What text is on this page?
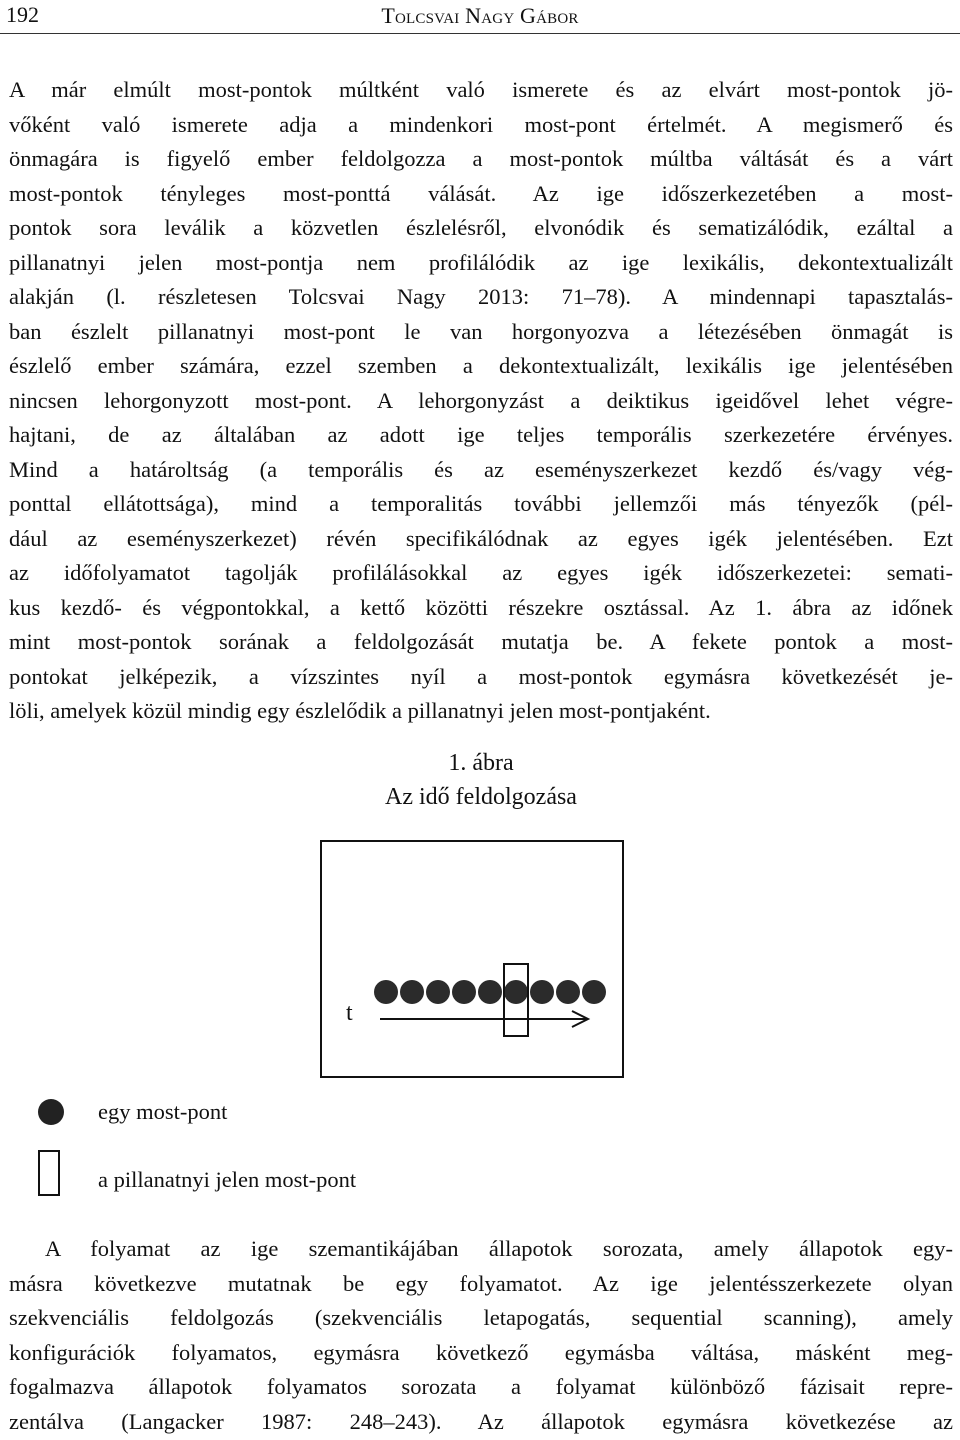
192	Tolcsvai Nagy Gábor
A már elmúlt most-pontok múltként való ismerete és az elvárt most-pontok jö-
vőként való ismerete adja a mindenkori most-pont értelmét. A megismerő és
önmagára is figyelő ember feldolgozza a most-pontok múltba váltását és a várt
most-pontok tényleges most-ponttá válását. Az ige időszerkezetében a most-
pontok sora leválik a közvetlen észlelésről, elvonódik és sematizálódik, ezáltal a
pillanatnyi jelen most-pontja nem profilálódik az ige lexikális, dekontextualizált
alakján (l. részletesen Tolcsvai Nagy 2013: 71–78). A mindennapi tapasztalás-
ban észlelt pillanatnyi most-pont le van horgonyozva a létezésében önmagát is
észlelő ember számára, ezzel szemben a dekontextualizált, lexikális ige jelentésében
nincsen lehorgonyzott most-pont. A lehorgonyzást a deiktikus igeidővel lehet végre-
hajtani, de az általában az adott ige teljes temporális szerkezetére érvényes.
Mind a határoltság (a temporális és az eseményszerkezet kezdő és/vagy vég-
ponttal ellátottsága), mind a temporalitás további jellemzői más tényezők (pél-
dául az eseményszerkezet) révén specifikálódnak az egyes igék jelentésében. Ezt
az időfolyamatot tagolják profilálásokkal az egyes igék időszerkezetei: semati-
kus kezdő- és végpontokkal, a kettő közötti részekre osztással. Az 1. ábra az időnek
mint most-pontok sorának a feldolgozását mutatja be. A fekete pontok a most-
pontokat jelképezik, a vízszintes nyíl a most-pontok egymásra következését je-
löli, amelyek közül mindig egy észlelődik a pillanatnyi jelen most-pontjaként.
1. ábra
Az idő feldolgozása
t
egy most-pont
a pillanatnyi jelen most-pont
A folyamat az ige szemantikájában állapotok sorozata, amely állapotok egy-
másra következve mutatnak be egy folyamatot. Az ige jelentésszerkezete olyan
szekvenciális feldolgozás (szekvenciális letapogatás, sequential scanning), amely
konfigurációk folyamatos, egymásra következő egymásba váltása, másként meg-
fogalmazva állapotok folyamatos sorozata a folyamat különböző fázisait repre-
zentálva (Langacker 1987: 248–243). Az állapotok egymásra következése az
